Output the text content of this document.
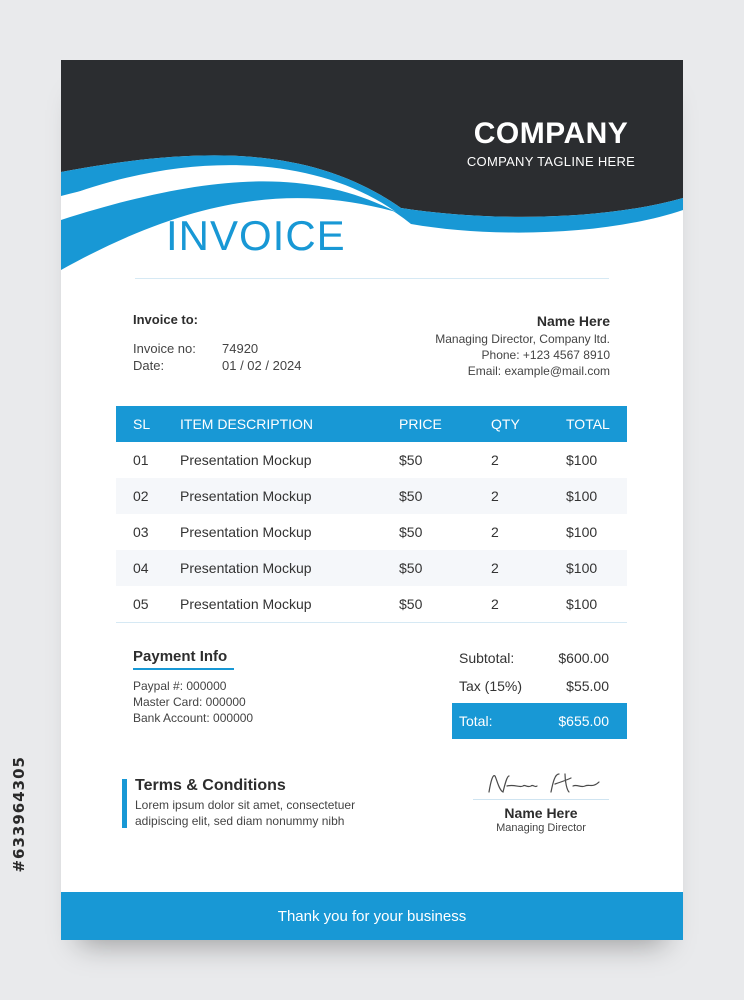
#633964305
COMPANY
COMPANY TAGLINE HERE
INVOICE
Invoice to:
Invoice no:	74920
Date:	01 / 02 / 2024
Name Here
Managing Director, Company ltd.
Phone: +123 4567 8910
Email: example@mail.com
SL	ITEM DESCRIPTION	PRICE	QTY	TOTAL
01	Presentation Mockup	$50	2	$100
02	Presentation Mockup	$50	2	$100
03	Presentation Mockup	$50	2	$100
04	Presentation Mockup	$50	2	$100
05	Presentation Mockup	$50	2	$100
Payment Info
Paypal #: 000000
Master Card: 000000
Bank Account: 000000
Subtotal:	$600.00
Tax (15%)	$55.00
Total:	$655.00
Terms & Conditions
Lorem ipsum dolor sit amet, consectetuer
adipiscing elit, sed diam nonummy nibh	Name Here
Managing Director
Thank you for your business
